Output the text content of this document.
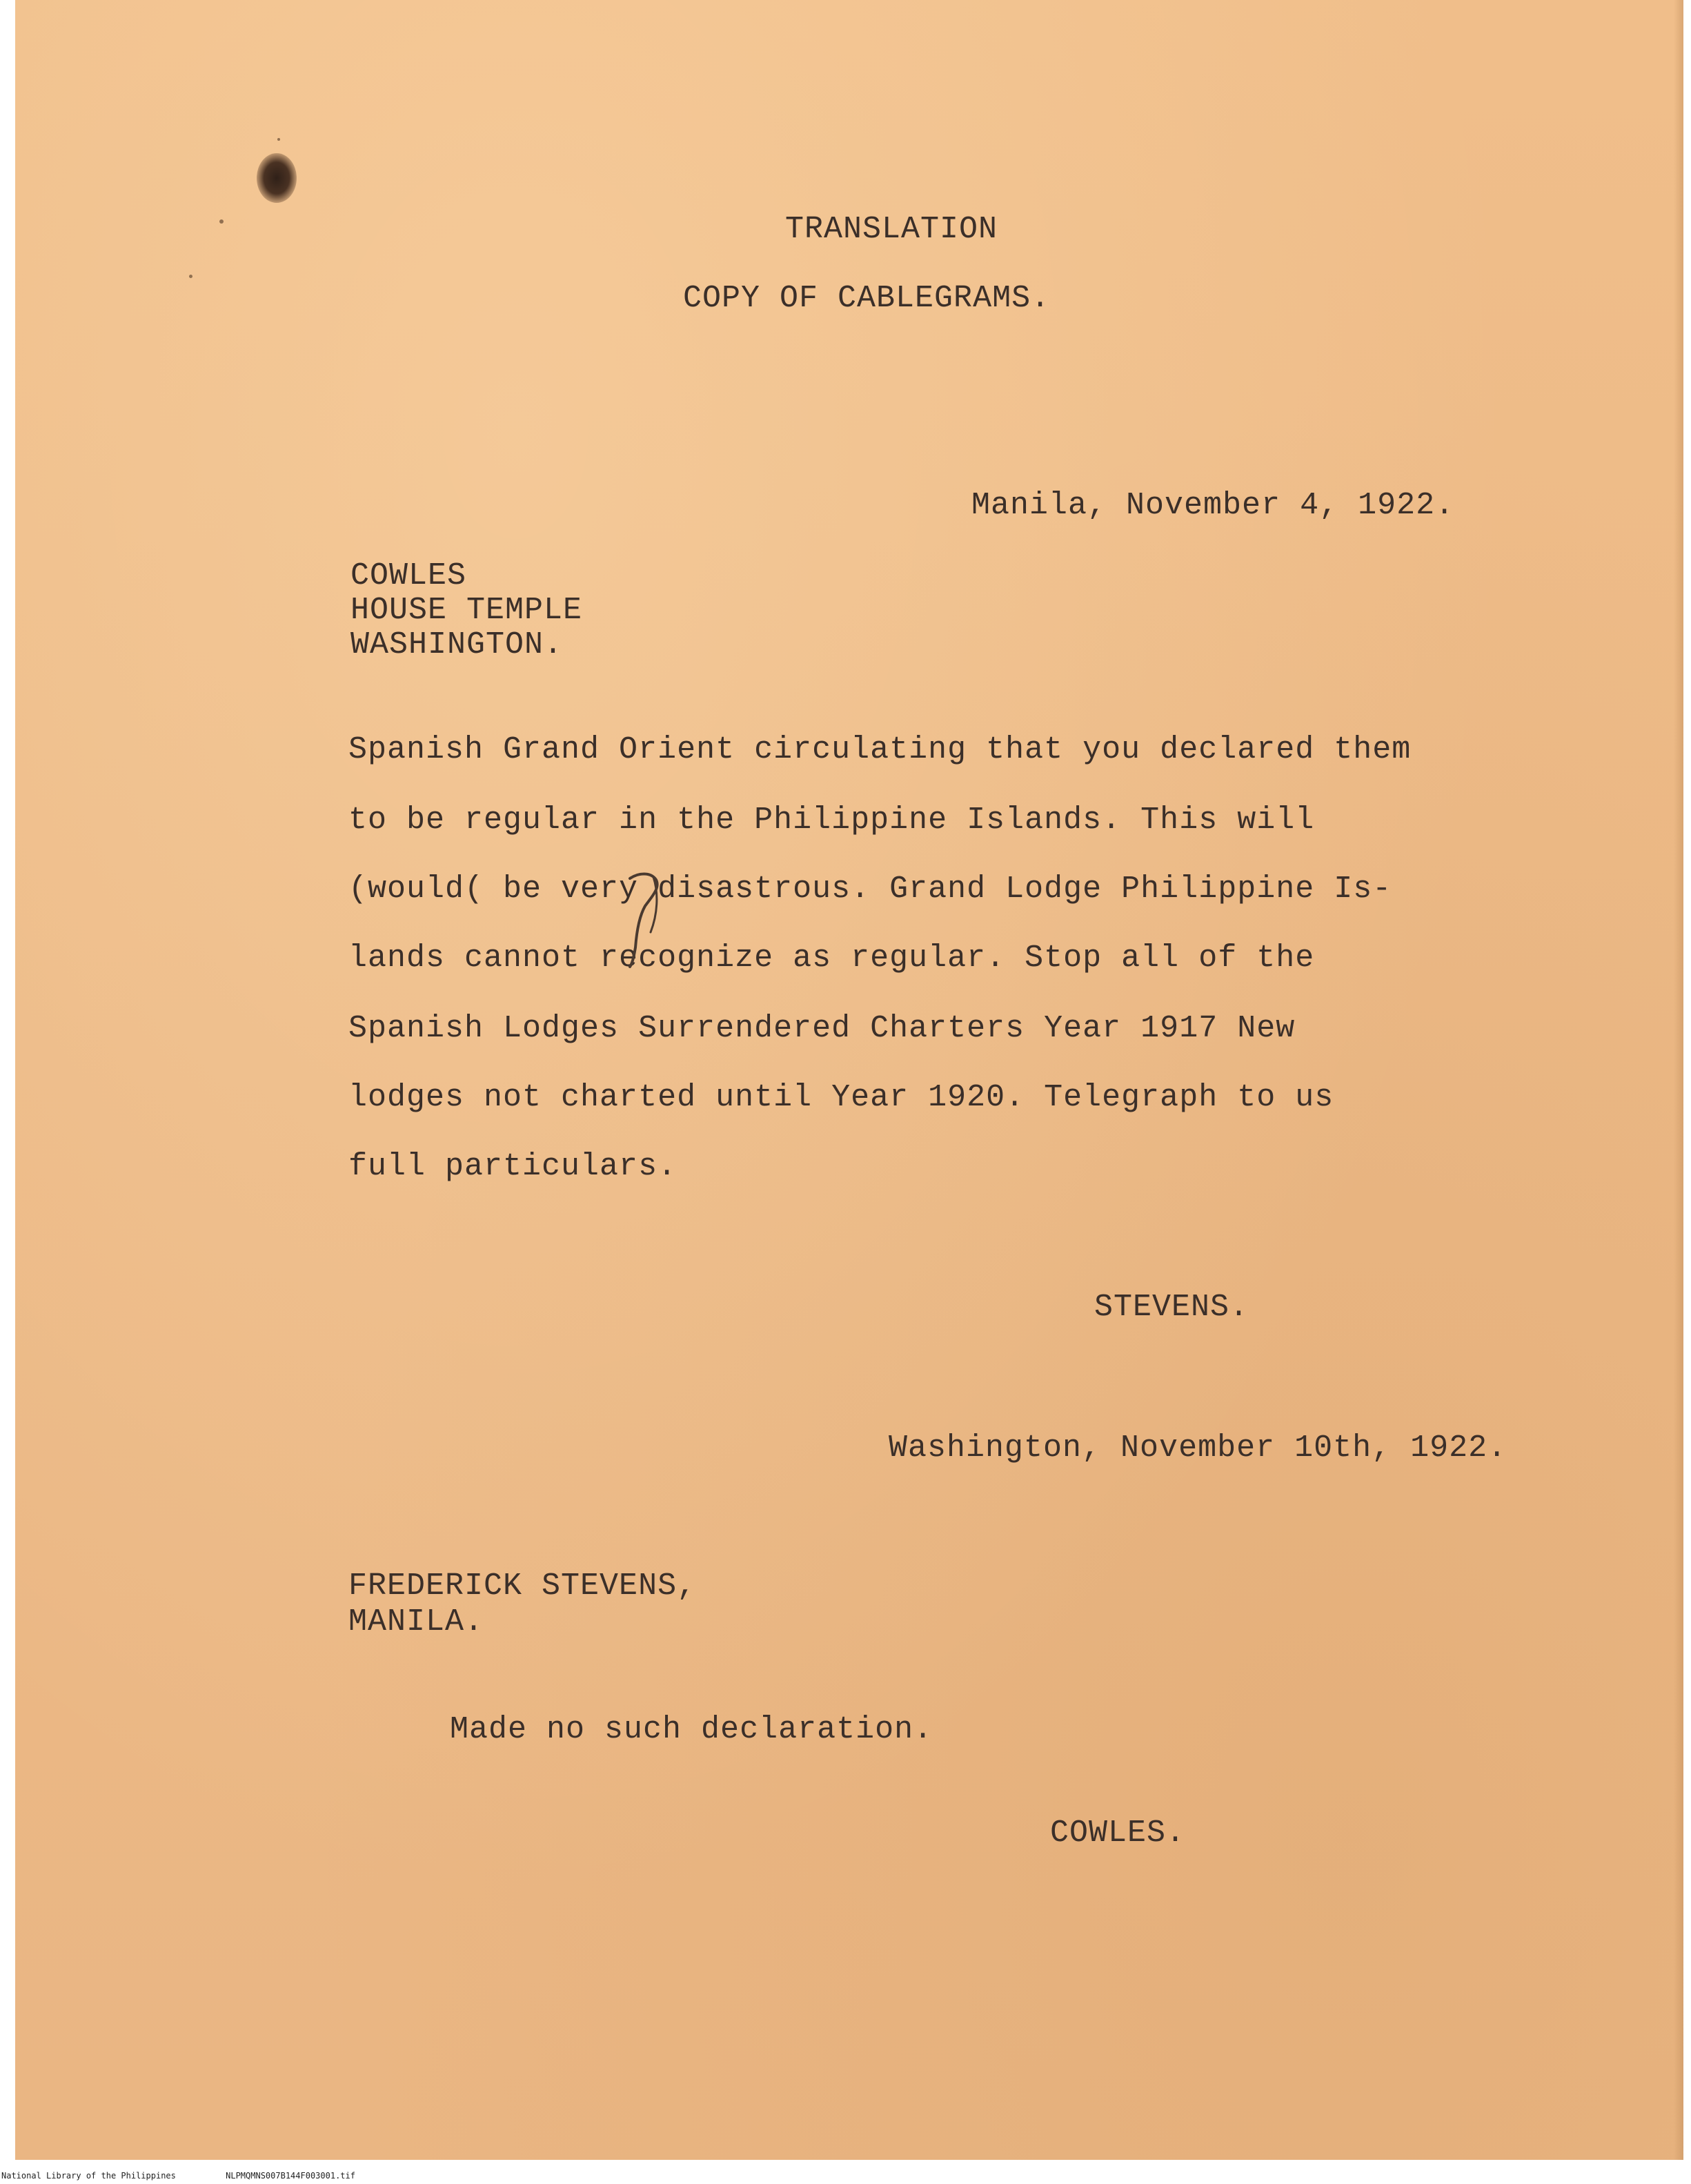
TRANSLATION

COPY OF CABLEGRAMS.

Manila, November 4, 1922.

COWLES

HOUSE TEMPLE

WASHINGTON.

Spanish Grand Orient circulating that you declared them

to be regular in the Philippine Islands. This will

(would( be very disastrous. Grand Lodge Philippine Is-

lands cannot recognize as regular. Stop all of the

Spanish Lodges Surrendered Charters Year 1917 New

lodges not charted until Year 1920. Telegraph to us

full particulars.

STEVENS.

Washington, November 10th, 1922.

FREDERICK STEVENS,

MANILA.

Made no such declaration.

COWLES.

National Library of the Philippines	NLPMQMNS007B144F003001.tif
